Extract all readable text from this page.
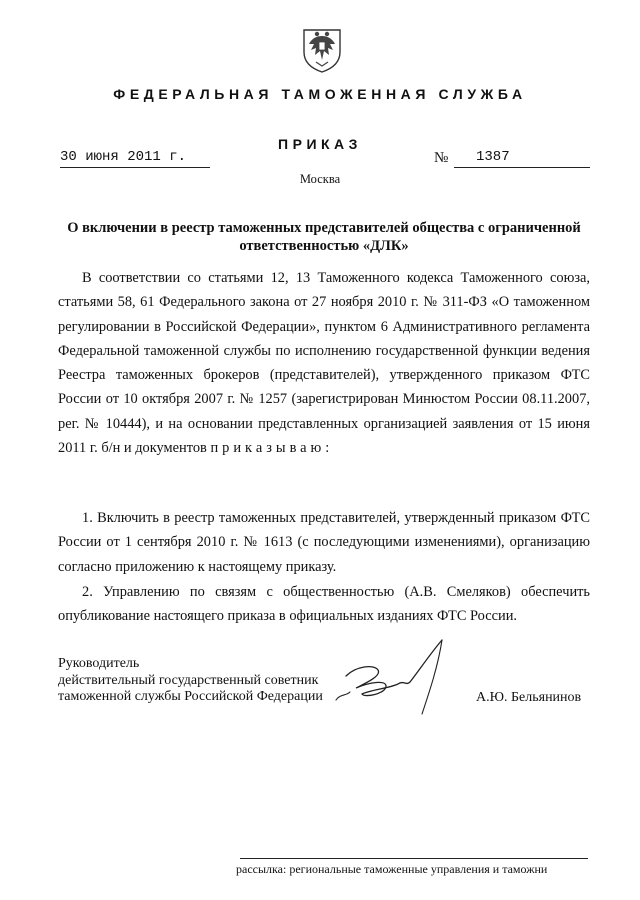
ФЕДЕРАЛЬНАЯ ТАМОЖЕННАЯ СЛУЖБА
ПРИКАЗ
30 июня 2011 г.	№	1387
Москва
О включении в реестр таможенных представителей общества с ограниченной ответственностью «ДЛК»
В соответствии со статьями 12, 13 Таможенного кодекса Таможенного союза, статьями 58, 61 Федерального закона от 27 ноября 2010 г. № 311-ФЗ «О таможенном регулировании в Российской Федерации», пунктом 6 Административного регламента Федеральной таможенной службы по исполнению государственной функции ведения Реестра таможенных брокеров (представителей), утвержденного приказом ФТС России от 10 октября 2007 г. № 1257 (зарегистрирован Минюстом России 08.11.2007, рег. № 10444), и на основании представленных организацией заявления от 15 июня 2011 г. б/н и документов приказываю:
1. Включить в реестр таможенных представителей, утвержденный приказом ФТС России от 1 сентября 2010 г. № 1613 (с последующими изменениями), организацию согласно приложению к настоящему приказу.
2. Управлению по связям с общественностью (А.В. Смеляков) обеспечить опубликование настоящего приказа в официальных изданиях ФТС России.
Руководитель
действительный государственный советник
таможенной службы Российской Федерации	А.Ю. Бельянинов
рассылка: региональные таможенные управления и таможни
